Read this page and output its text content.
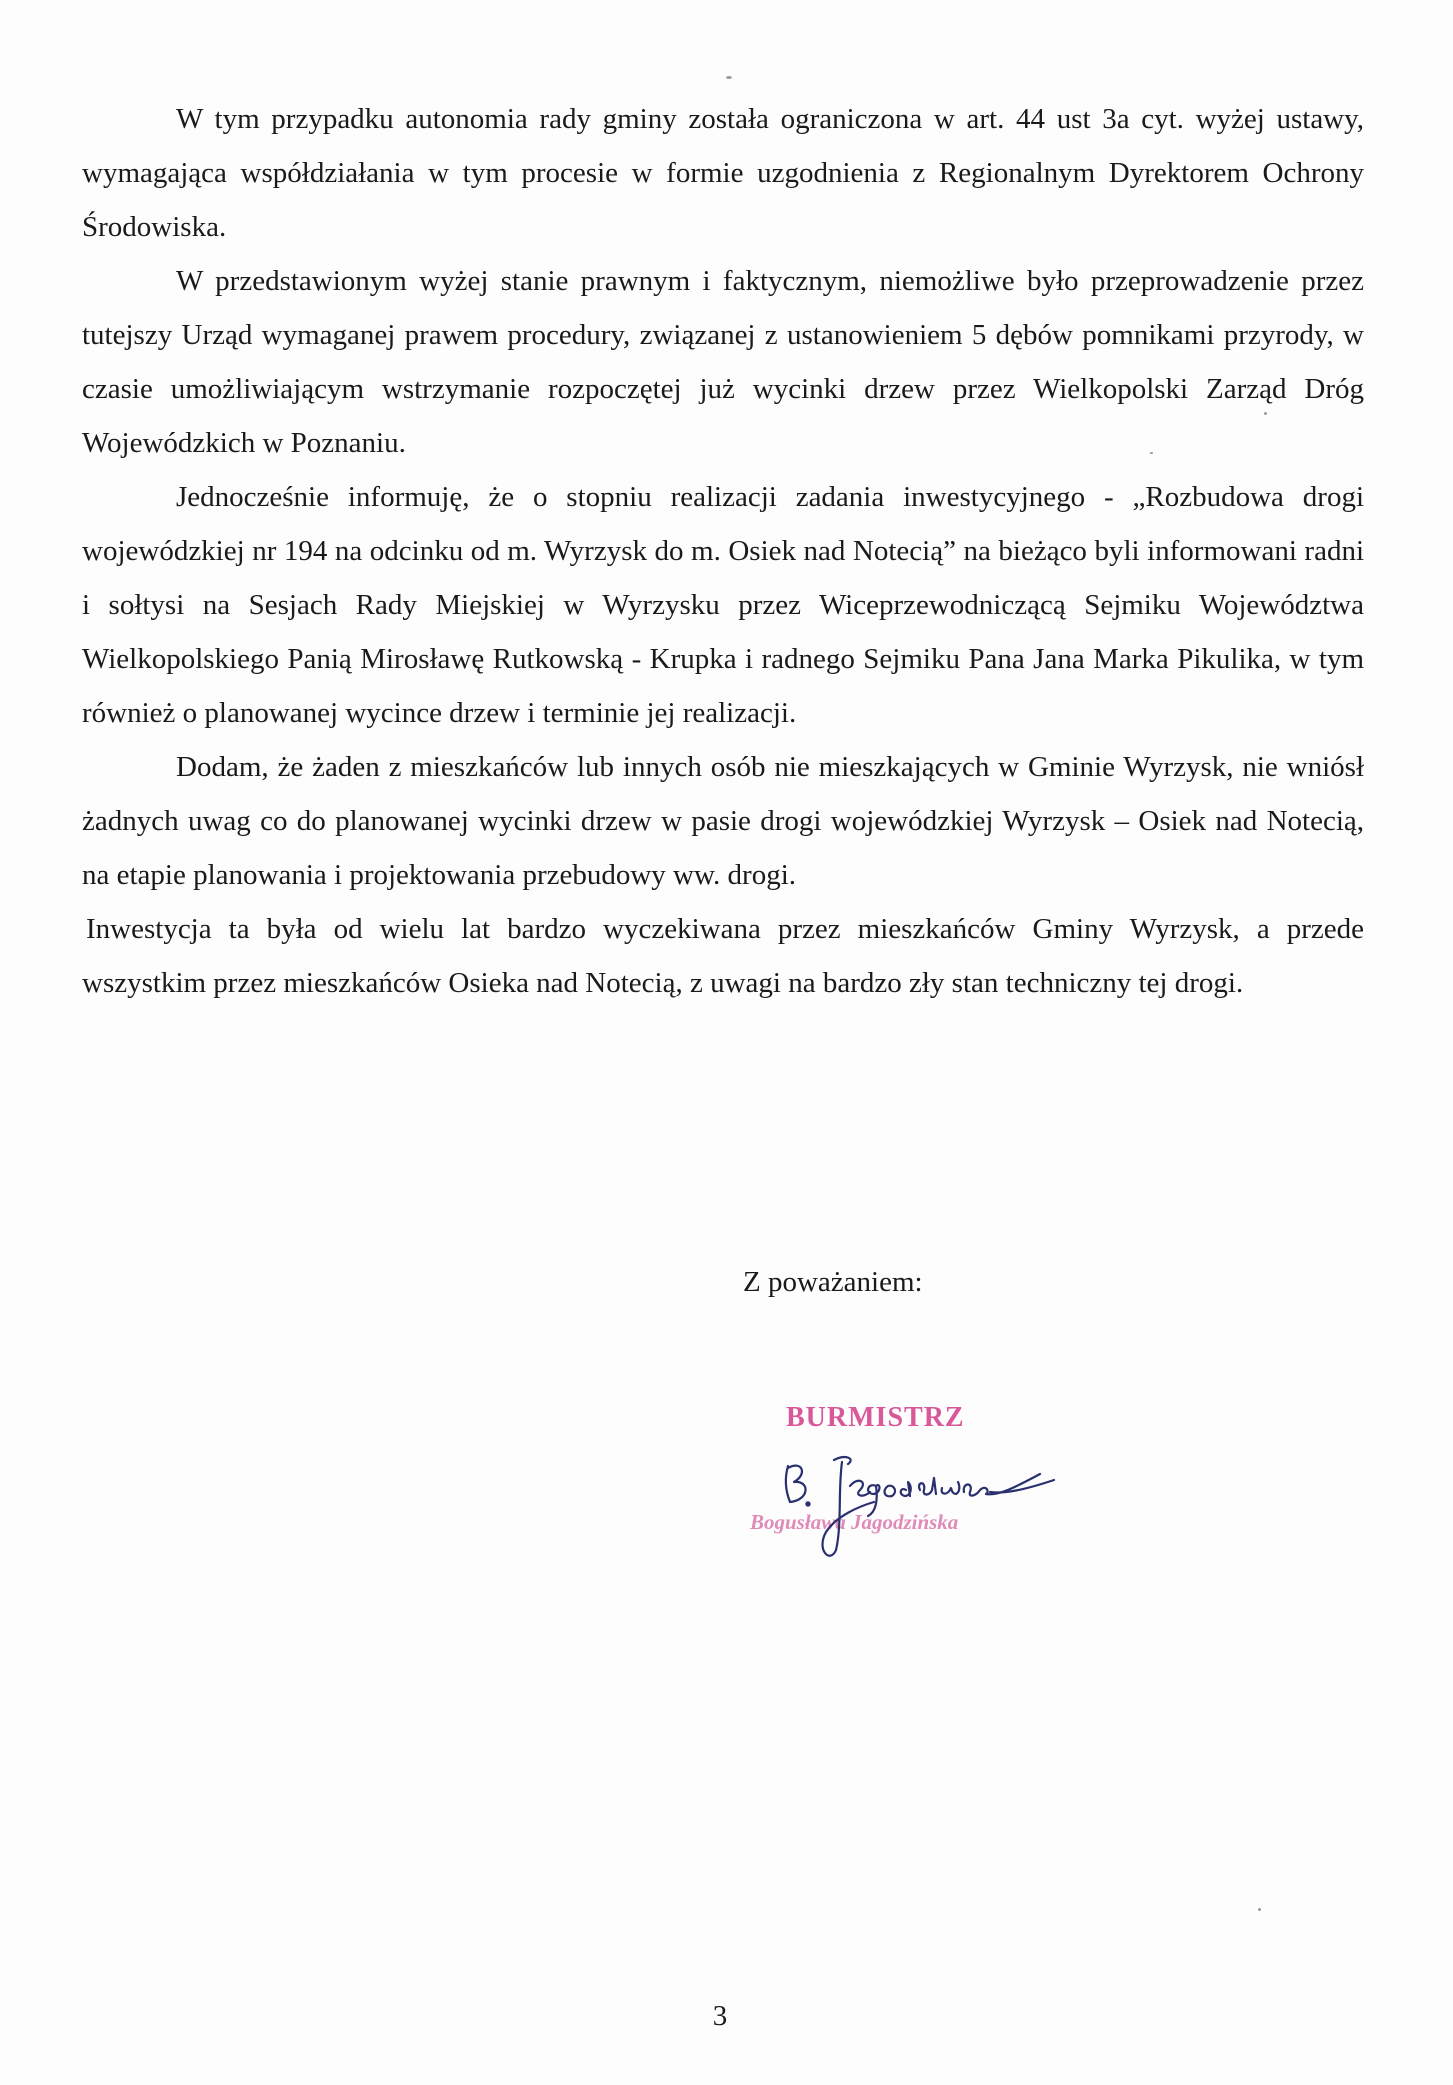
W tym przypadku autonomia rady gminy została ograniczona w art. 44 ust 3a cyt. wyżej ustawy, wymagająca współdziałania w tym procesie w formie uzgodnienia z Regionalnym Dyrektorem Ochrony Środowiska.

W przedstawionym wyżej stanie prawnym i faktycznym, niemożliwe było przeprowadzenie przez tutejszy Urząd wymaganej prawem procedury, związanej z ustanowieniem 5 dębów pomnikami przyrody, w czasie umożliwiającym wstrzymanie rozpoczętej już wycinki drzew przez Wielkopolski Zarząd Dróg Wojewódzkich w Poznaniu.

Jednocześnie informuję, że o stopniu realizacji zadania inwestycyjnego - „Rozbudowa drogi wojewódzkiej nr 194 na odcinku od m. Wyrzysk do m. Osiek nad Notecią” na bieżąco byli informowani radni i sołtysi na Sesjach Rady Miejskiej w Wyrzysku przez Wiceprzewodniczącą Sejmiku Województwa Wielkopolskiego Panią Mirosławę Rutkowską - Krupka i radnego Sejmiku Pana Jana Marka Pikulika, w tym również o planowanej wycince drzew i terminie jej realizacji.

Dodam, że żaden z mieszkańców lub innych osób nie mieszkających w Gminie Wyrzysk, nie wniósł żadnych uwag co do planowanej wycinki drzew w pasie drogi wojewódzkiej Wyrzysk – Osiek nad Notecią, na etapie planowania i projektowania przebudowy ww. drogi.

Inwestycja ta była od wielu lat bardzo wyczekiwana przez mieszkańców Gminy Wyrzysk, a przede wszystkim przez mieszkańców Osieka nad Notecią, z uwagi na bardzo zły stan techniczny tej drogi.

Z poważaniem:
BURMISTRZ
Bogusława Jagodzińska
3
